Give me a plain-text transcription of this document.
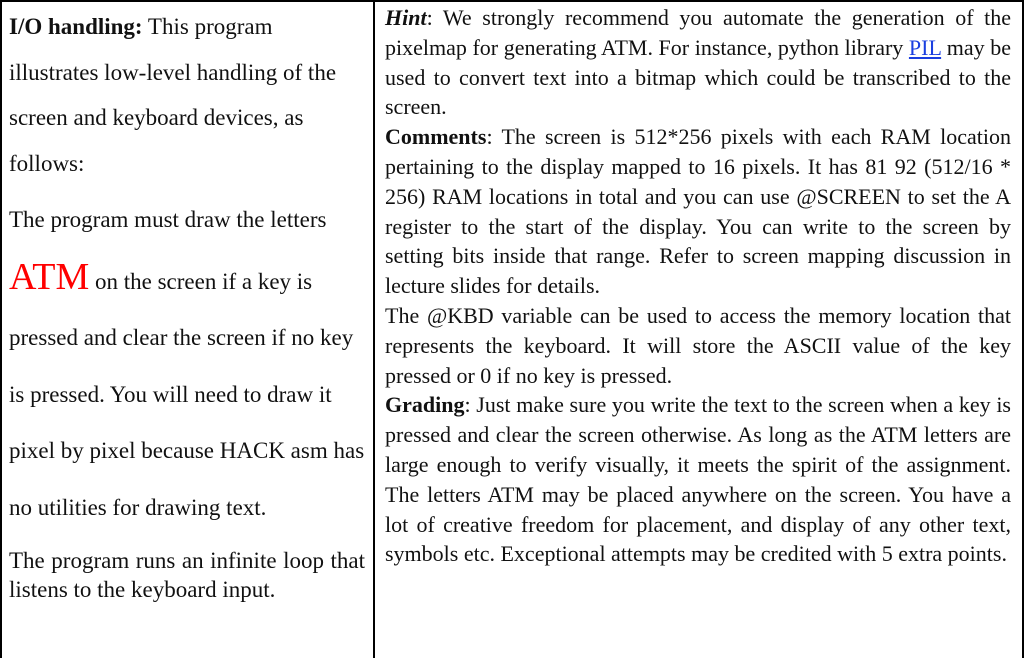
I/O handling: This program illustrates low-level handling of the screen and keyboard devices, as follows:

The program must draw the letters ATM on the screen if a key is pressed and clear the screen if no key is pressed. You will need to draw it pixel by pixel because HACK asm has no utilities for drawing text.

The program runs an infinite loop that listens to the keyboard input.

Hint: We strongly recommend you automate the generation of the pixelmap for generating ATM. For instance, python library PIL may be used to convert text into a bitmap which could be transcribed to the screen.

Comments: The screen is 512*256 pixels with each RAM location pertaining to the display mapped to 16 pixels. It has 81 92 (512/16 * 256) RAM locations in total and you can use @SCREEN to set the A register to the start of the display. You can write to the screen by setting bits inside that range. Refer to screen mapping discussion in lecture slides for details.

The @KBD variable can be used to access the memory location that represents the keyboard. It will store the ASCII value of the key pressed or 0 if no key is pressed.

Grading: Just make sure you write the text to the screen when a key is pressed and clear the screen otherwise. As long as the ATM letters are large enough to verify visually, it meets the spirit of the assignment. The letters ATM may be placed anywhere on the screen. You have a lot of creative freedom for placement, and display of any other text, symbols etc. Exceptional attempts may be credited with 5 extra points.
